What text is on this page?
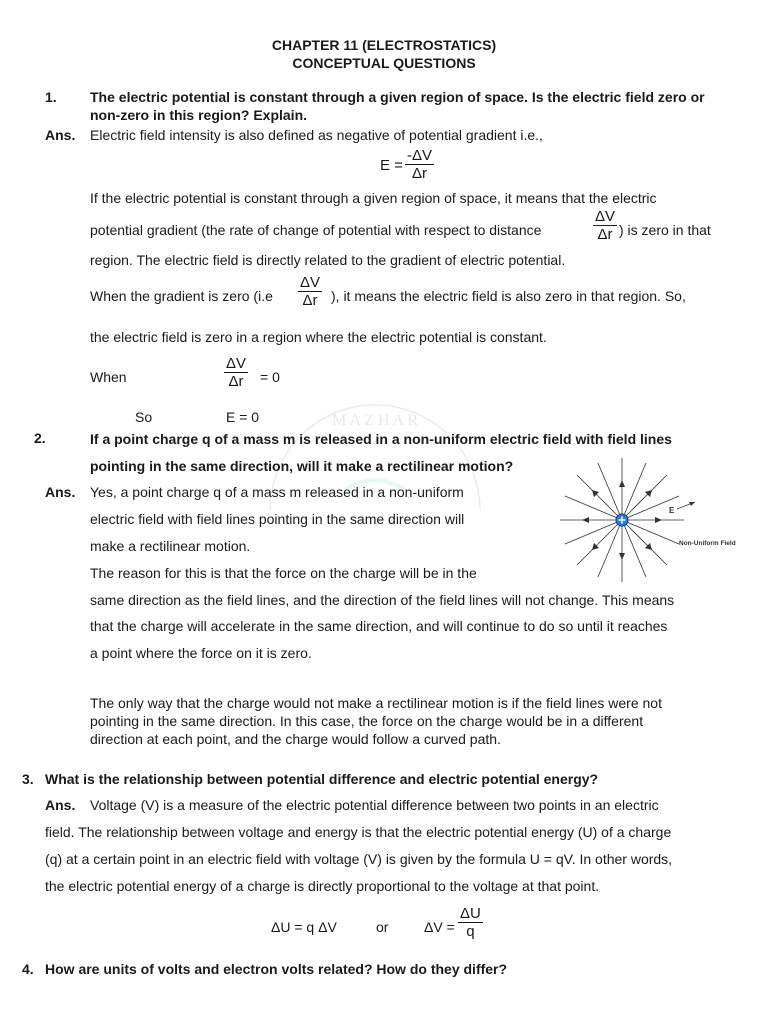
CHAPTER 11 (ELECTROSTATICS)
CONCEPTUAL QUESTIONS
M A Z H A R
1. The electric potential is constant through a given region of space. Is the electric field zero or
non-zero in this region? Explain.
Ans. Electric field intensity is also defined as negative of potential gradient i.e.,
E =
-ΔV
Δr
If the electric potential is constant through a given region of space, it means that the electric
potential gradient (the rate of change of potential with respect to distance
ΔV
Δr ) is zero in that
region. The electric field is directly related to the gradient of electric potential.
When the gradient is zero (i.e
ΔV
Δr ), it means the electric field is also zero in that region. So,
the electric field is zero in a region where the electric potential is constant.
When
ΔV
Δr = 0
So	E = 0
2.	If a point charge q of a mass m is released in a non-uniform electric field with field lines
pointing in the same direction, will it make a rectilinear motion?
Ans. Yes, a point charge q of a mass m released in a non-uniform
electric field with field lines pointing in the same direction will
make a rectilinear motion.
The reason for this is that the force on the charge will be in the
same direction as the field lines, and the direction of the field lines will not change. This means
that the charge will accelerate in the same direction, and will continue to do so until it reaches
a point where the force on it is zero.
The only way that the charge would not make a rectilinear motion is if the field lines were not
pointing in the same direction. In this case, the force on the charge would be in a different
direction at each point, and the charge would follow a curved path.
E
Non-Uniform Field
3. What is the relationship between potential difference and electric potential energy?
Ans. Voltage (V) is a measure of the electric potential difference between two points in an electric
field. The relationship between voltage and energy is that the electric potential energy (U) of a charge
(q) at a certain point in an electric field with voltage (V) is given by the formula U = qV. In other words,
the electric potential energy of a charge is directly proportional to the voltage at that point.
ΔU = q ΔV	or	ΔV =
ΔU
q
4. How are units of volts and electron volts related? How do they differ?
